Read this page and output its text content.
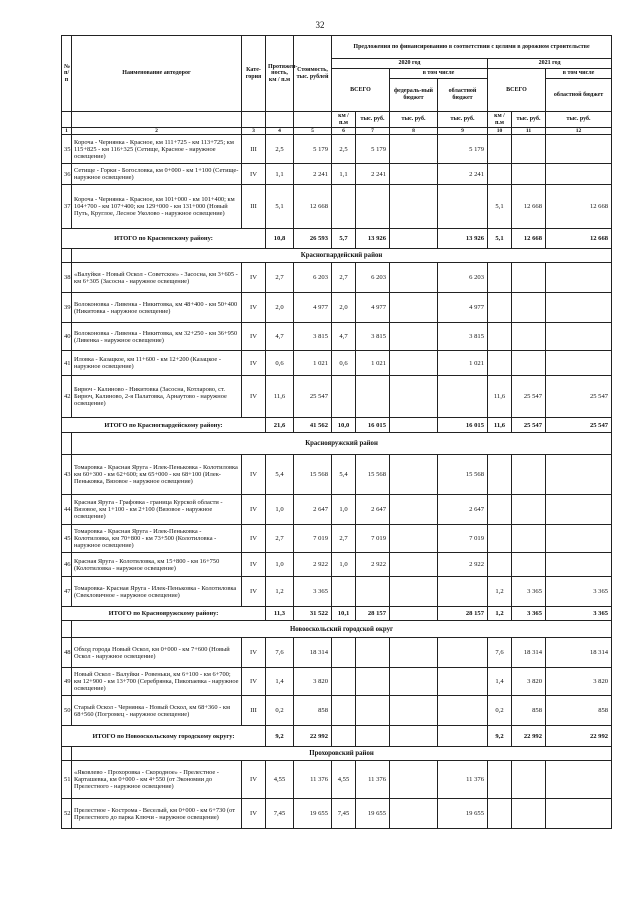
32
№ п/п	Наименование автодорог	Кате-гория	Протяжен-ность, км / п.м	Стоимость, тыс. рублей	Предложения по финансированию в соответствии с целями в дорожном строительстве						
					2020 год				2021 год		
					ВСЕГО		в том числе		ВСЕГО		в том числе
							федераль-ный бюджет	областной бюджет			областной бюджет
					км / п.м	тыс. руб.	тыс. руб.	тыс. руб.	км / п.м	тыс. руб.	тыс. руб.
1	2	3	4	5	6	7	8	9	10	11	12
35	Короча - Чернянка - Красное, км 111+725 - км 113+725; км 115+825 - км 116+325 (Сетище, Красное - наружное освещение)	III	2,5	5 179	2,5	5 179		5 179			
36	Сетище - Горки - Богословка, км 0+000 - км 1+100 (Сетище-наружное освещение)	IV	1,1	2 241	1,1	2 241		2 241			
37	Короча - Чернянка - Красное, км 101+000 - км 101+400; км 104+700 - км 107+400; км 129+000 - км 131+000 (Новый Путь, Круглое, Лесное Уколово - наружное освещение)	III	5,1	12 668					5,1	12 668	12 668
ИТОГО по Красненскому району:			10,8	26 593	5,7	13 926		13 926	5,1	12 668	12 668
	Красногвардейский район										
38	«Валуйки - Новый Оскол - Советское» - Засосна, км 3+605 - км 6+305 (Засосна - наружное освещение)	IV	2,7	6 203	2,7	6 203		6 203			
39	Волоконовка - Ливенка - Никитовка, км 48+400 - км 50+400 (Никитовка - наружное освещение)	IV	2,0	4 977	2,0	4 977		4 977			
40	Волоконовка - Ливенка - Никитовка, км 32+250 - км 36+950 (Ливенка - наружное освещение)	IV	4,7	3 815	4,7	3 815		3 815			
41	Иловка - Казацкое, км 11+600 - км 12+200 (Казацкое - наружное освещение)	IV	0,6	1 021	0,6	1 021		1 021			
42	Бирюч - Калиново - Никитовка (Засосна, Котларово, ст. Бирюч, Калиново, 2-я Палатовка, Арнаутово - наружное освещение)	IV	11,6	25 547					11,6	25 547	25 547
ИТОГО по Красногвардейскому району:			21,6	41 562	10,0	16 015		16 015	11,6	25 547	25 547
	Краснояружский район										
43	Томаровка - Красная Яруга - Илек-Пеньковка - Колотиловка км 60+300 - км 62+600; км 65+000 - км 68+100 (Илек-Пеньковка, Вязовое - наружное освещение)	IV	5,4	15 568	5,4	15 568		15 568			
44	Красная Яруга - Графовка - граница Курской области - Вязовое, км 1+100 - км 2+100 (Вязовое - наружное освещение)	IV	1,0	2 647	1,0	2 647		2 647			
45	Томаровка - Красная Яруга - Илек-Пеньковка - Колотиловка, км 70+800 - км 73+500 (Колотиловка - наружное освещение)	IV	2,7	7 019	2,7	7 019		7 019			
46	Красная Яруга - Колотиловка, км 15+800 - км 16+750 (Колотиловка - наружное освещение)	IV	1,0	2 922	1,0	2 922		2 922			
47	Томаровка- Красная Яруга - Илек-Пеньковка - Колотиловка (Свекловичное - наружное освещение)	IV	1,2	3 365					1,2	3 365	3 365
ИТОГО по Краснояружскому району:			11,3	31 522	10,1	28 157		28 157	1,2	3 365	3 365
	Новооскольский городской округ										
48	Обход города Новый Оскол, км 0+000 - км 7+600 (Новый Оскол - наружное освещение)	IV	7,6	18 314					7,6	18 314	18 314
49	Новый Оскол - Валуйки - Ровеньки, км 6+100 - км 6+700; км 12+900 - км 13+700 (Серебрянка, Пикопаевка - наружное освещение)	IV	1,4	3 820					1,4	3 820	3 820
50	Старый Оскол - Чернянка - Новый Оскол, км 68+360 - км 68+560 (Погромец - наружное освещение)	III	0,2	858					0,2	858	858
ИТОГО по Новооскольскому городскому округу:			9,2	22 992					9,2	22 992	22 992
	Прохоровский район										
51	«Яковлево - Прохоровка - Скородное» - Прелестное - Карташевка, км 0+000 - км 4+550 (от Экономии до Прелестного - наружное освещение)	IV	4,55	11 376	4,55	11 376		11 376			
52	Прелестное - Кострома - Веселый, км 0+000 - км 6+730 (от Прелестного до парка Ключи - наружное освещение)	IV	7,45	19 655	7,45	19 655		19 655			
